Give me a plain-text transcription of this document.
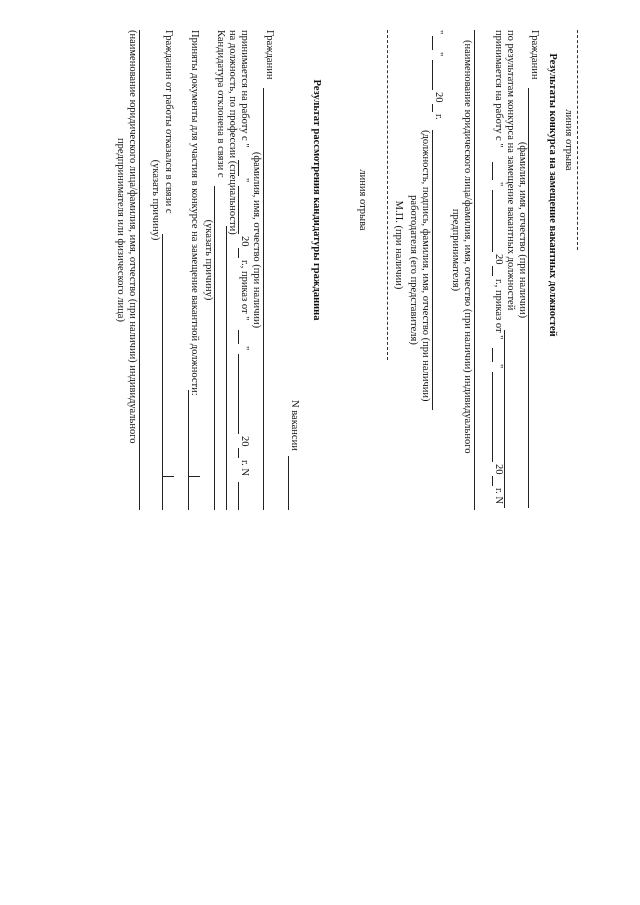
линия отрыва
Результаты конкурса на замещение вакантных должностей
Гражданин
(фамилия, имя, отчество (при наличии)
по результатам конкурса на замещение вакантных должностей
принимается на работу с "
"
20
г., приказ от "
"
20
г. N
(наименование юридического лица/фамилия, имя, отчество (при наличии) индивидуального
предпринимателя)
"
"
20
г.
(должность, подпись, фамилия, имя, отчество (при наличии)
работодателя (его представителя)
М.П. (при наличии)
линия отрыва
Результат рассмотрения кандидатуры гражданина
N вакансии
Гражданин
(фамилия, имя, отчество (при наличии)
принимается на работу с "
"
20
г., приказ от "
"
20
г. N
на должность, по профессии (специальности)
Кандидатура отклонена в связи с
(указать причину)
Приняты документы для участия в конкурсе на замещение вакантной должности:
Гражданин от работы отказался в связи с
(указать причину)
(наименование юридического лица/фамилия, имя, отчество (при наличии) индивидуального
предпринимателя или физического лица)
